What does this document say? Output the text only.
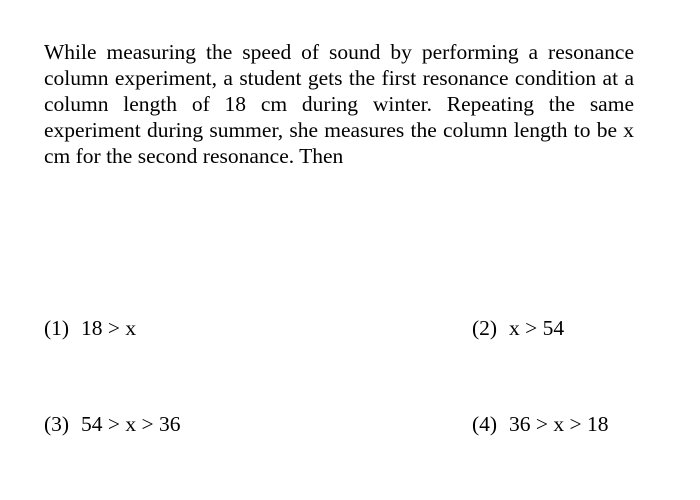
While measuring the speed of sound by performing a resonance column experiment, a student gets the first resonance condition at a column length of 18 cm during winter. Repeating the same experiment during summer, she measures the column length to be x cm for the second resonance. Then

(1) 18 > x	(2) x > 54
(3) 54 > x > 36	(4) 36 > x > 18
